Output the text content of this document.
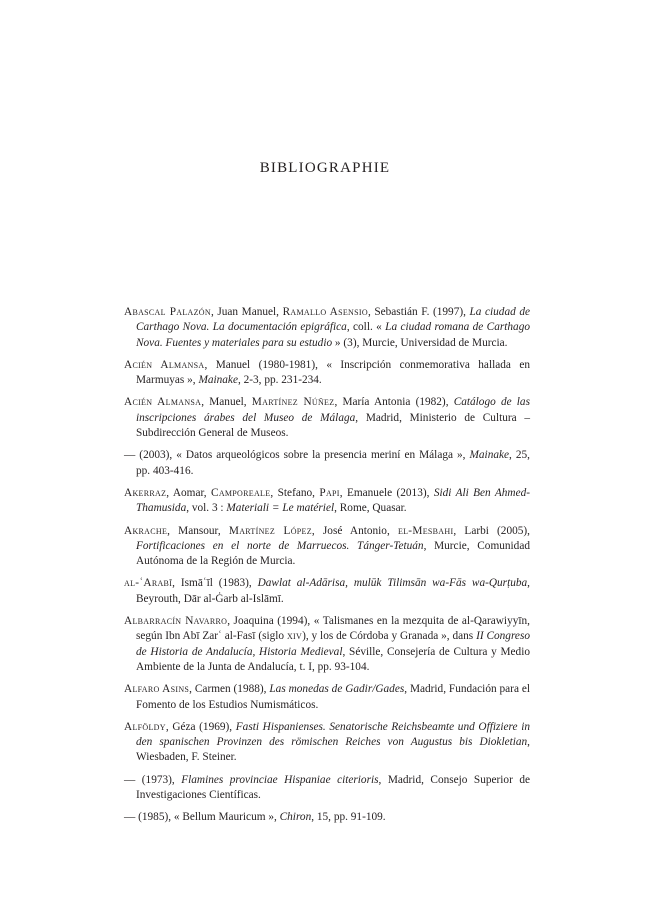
BIBLIOGRAPHIE
Abascal Palazón, Juan Manuel, Ramallo Asensio, Sebastián F. (1997), La ciudad de Carthago Nova. La documentación epigráfica, coll. « La ciudad romana de Carthago Nova. Fuentes y materiales para su estudio » (3), Murcie, Universidad de Murcia.
Acién Almansa, Manuel (1980-1981), « Inscripción conmemorativa hallada en Marmuyas », Mainake, 2-3, pp. 231-234.
Acién Almansa, Manuel, Martínez Núñez, María Antonia (1982), Catálogo de las inscripciones árabes del Museo de Málaga, Madrid, Ministerio de Cultura – Subdirección General de Museos.
— (2003), « Datos arqueológicos sobre la presencia meriní en Málaga », Mainake, 25, pp. 403-416.
Akerraz, Aomar, Camporeale, Stefano, Papi, Emanuele (2013), Sidi Ali Ben Ahmed-Thamusida, vol. 3 : Materiali = Le matériel, Rome, Quasar.
Akrache, Mansour, Martínez López, José Antonio, el-Mesbahi, Larbi (2005), Fortificaciones en el norte de Marruecos. Tánger-Tetuán, Murcie, Comunidad Autónoma de la Región de Murcia.
al-ʿArabī, Ismāʿīl (1983), Dawlat al-Adārisa, mulūk Tilimsān wa-Fās wa-Qurṭuba, Beyrouth, Dār al-Ġarb al-Islāmī.
Albarracín Navarro, Joaquina (1994), « Talismanes en la mezquita de al-Qarawiyyīn, según Ibn Abī Zarʿ al-Fasī (siglo xiv), y los de Córdoba y Granada », dans II Congreso de Historia de Andalucía, Historia Medieval, Séville, Consejería de Cultura y Medio Ambiente de la Junta de Andalucía, t. I, pp. 93-104.
Alfaro Asins, Carmen (1988), Las monedas de Gadir/Gades, Madrid, Fundación para el Fomento de los Estudios Numismáticos.
Alföldy, Géza (1969), Fasti Hispanienses. Senatorische Reichsbeamte und Offiziere in den spanischen Provinzen des römischen Reiches von Augustus bis Diokletian, Wiesbaden, F. Steiner.
— (1973), Flamines provinciae Hispaniae citerioris, Madrid, Consejo Superior de Investigaciones Científicas.
— (1985), « Bellum Mauricum », Chiron, 15, pp. 91-109.
